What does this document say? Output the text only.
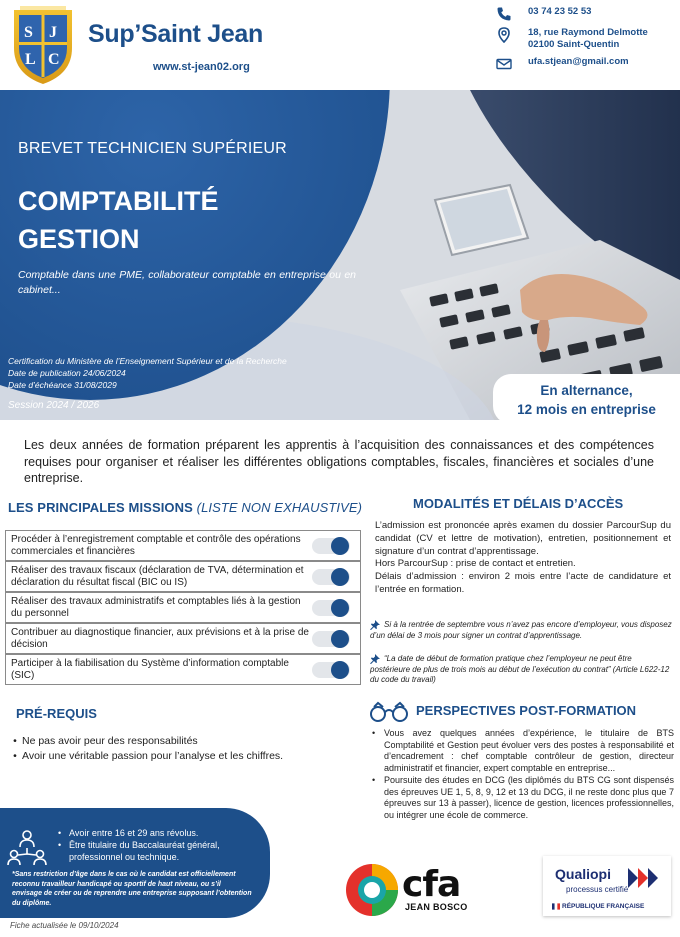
S J
L C
Sup’Saint Jean
www.st-jean02.org
03 74 23 52 53
18, rue Raymond Delmotte
02100 Saint-Quentin
ufa.stjean@gmail.com
BREVET TECHNICIEN SUPÉRIEUR
COMPTABILITÉ
GESTION
Comptable dans une PME, collaborateur comptable en entreprise ou en cabinet...
Certification du Ministère de l’Enseignement Supérieur et de la Recherche
Date de publication 24/06/2024
Date d’échéance 31/08/2029
Session 2024 / 2026
En alternance,
12 mois en entreprise
Les deux années de formation préparent les apprentis à l’acquisition des connaissances et des compétences requises pour organiser et réaliser les différentes obligations comptables, fiscales, financières et sociales d’une entreprise.
LES PRINCIPALES MISSIONS (LISTE NON EXHAUSTIVE)
Procéder à l’enregistrement comptable et contrôle des opérations commerciales et financières
Réaliser des travaux fiscaux (déclaration de TVA, détermination et déclaration du résultat fiscal (BIC ou IS)
Réaliser des travaux administratifs et comptables liés à la gestion du personnel
Contribuer au diagnostique financier, aux prévisions et à la prise de décision
Participer à la fiabilisation du Système d’information comptable (SIC)
PRÉ-REQUIS
• Ne pas avoir peur des responsabilités
• Avoir une véritable passion pour l’analyse et les chiffres.
• Avoir entre 16 et 29 ans révolus.
• Être titulaire du Baccalauréat général, professionnel ou technique.
*Sans restriction d’âge dans le cas où le candidat est officiellement reconnu travailleur handicapé ou sportif de haut niveau, ou s’il envisage de créer ou de reprendre une entreprise supposant l’obtention du diplôme.
Fiche actualisée le 09/10/2024
MODALITÉS ET DÉLAIS D’ACCÈS
L’admission est prononcée après examen du dossier ParcourSup du candidat (CV et lettre de motivation), entretien, positionnement et signature d’un contrat d’apprentissage.
Hors ParcourSup : prise de contact et entretien.
Délais d’admission : environ 2 mois entre l’acte de candidature et l’entrée en formation.
Si à la rentrée de septembre vous n’avez pas encore d’employeur, vous disposez d’un délai de 3 mois pour signer un contrat d’apprentissage.
“La date de début de formation pratique chez l’employeur ne peut être postérieure de plus de trois mois au début de l’exécution du contrat” (Article L622-12 du code du travail)
PERSPECTIVES POST-FORMATION
• Vous avez quelques années d’expérience, le titulaire de BTS Comptabilité et Gestion peut évoluer vers des postes à responsabilité et d’encadrement : chef comptable contrôleur de gestion, directeur administratif et financier, expert comptable en entreprise...
• Poursuite des études en DCG (les diplômés du BTS CG sont dispensés des épreuves UE 1, 5, 8, 9, 12 et 13 du DCG, il ne reste donc plus que 7 épreuves sur 13 à passer), licence de gestion, licences professionnelles, ou intégrer une école de commerce.
cfa
JEAN BOSCO
Qualiopi
processus certifié
RÉPUBLIQUE FRANÇAISE
